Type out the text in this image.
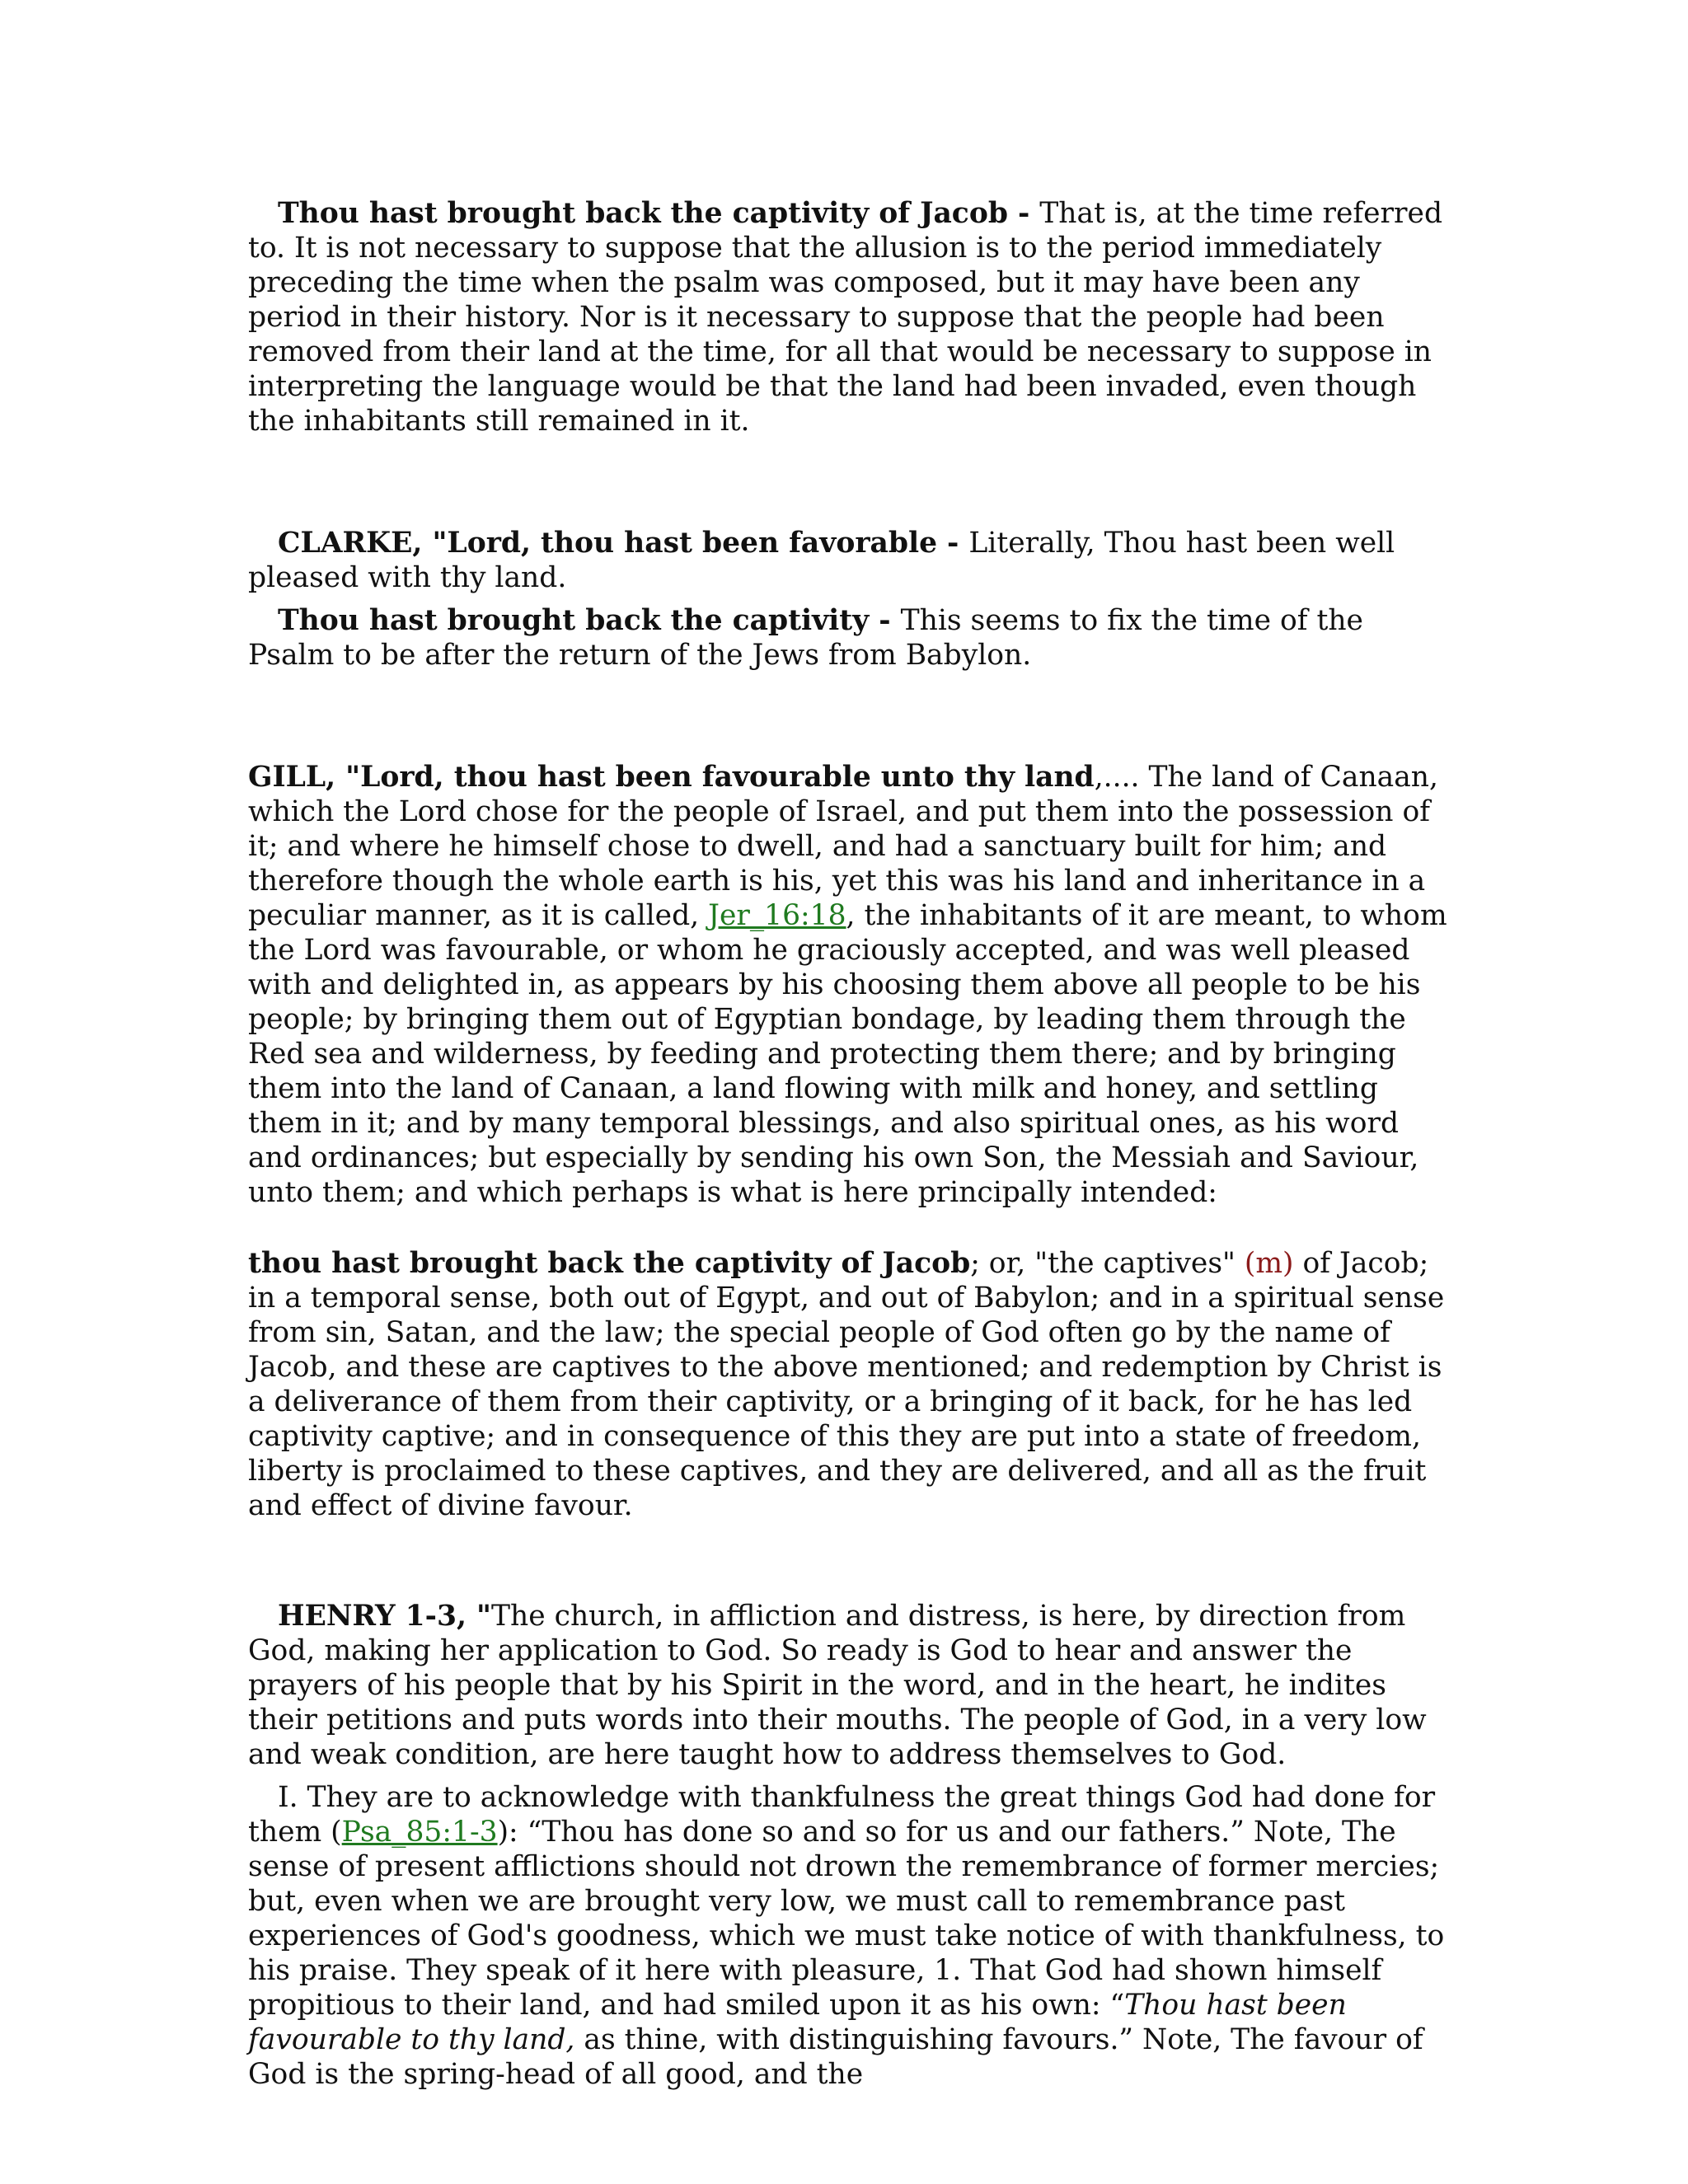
Thou hast brought back the captivity of Jacob - That is, at the time referred to. It is not necessary to suppose that the allusion is to the period immediately preceding the time when the psalm was composed, but it may have been any period in their history. Nor is it necessary to suppose that the people had been removed from their land at the time, for all that would be necessary to suppose in interpreting the language would be that the land had been invaded, even though the inhabitants still remained in it.

CLARKE, "Lord, thou hast been favorable - Literally, Thou hast been well pleased with thy land.

Thou hast brought back the captivity - This seems to fix the time of the Psalm to be after the return of the Jews from Babylon.

GILL, "Lord, thou hast been favourable unto thy land,.... The land of Canaan, which the Lord chose for the people of Israel, and put them into the possession of it; and where he himself chose to dwell, and had a sanctuary built for him; and therefore though the whole earth is his, yet this was his land and inheritance in a peculiar manner, as it is called, Jer_16:18, the inhabitants of it are meant, to whom the Lord was favourable, or whom he graciously accepted, and was well pleased with and delighted in, as appears by his choosing them above all people to be his people; by bringing them out of Egyptian bondage, by leading them through the Red sea and wilderness, by feeding and protecting them there; and by bringing them into the land of Canaan, a land flowing with milk and honey, and settling them in it; and by many temporal blessings, and also spiritual ones, as his word and ordinances; but especially by sending his own Son, the Messiah and Saviour, unto them; and which perhaps is what is here principally intended:

thou hast brought back the captivity of Jacob; or, "the captives" (m) of Jacob; in a temporal sense, both out of Egypt, and out of Babylon; and in a spiritual sense from sin, Satan, and the law; the special people of God often go by the name of Jacob, and these are captives to the above mentioned; and redemption by Christ is a deliverance of them from their captivity, or a bringing of it back, for he has led captivity captive; and in consequence of this they are put into a state of freedom, liberty is proclaimed to these captives, and they are delivered, and all as the fruit and effect of divine favour.

HENRY 1-3, "The church, in affliction and distress, is here, by direction from God, making her application to God. So ready is God to hear and answer the prayers of his people that by his Spirit in the word, and in the heart, he indites their petitions and puts words into their mouths. The people of God, in a very low and weak condition, are here taught how to address themselves to God.

I. They are to acknowledge with thankfulness the great things God had done for them (Psa_85:1-3): “Thou has done so and so for us and our fathers.” Note, The sense of present afflictions should not drown the remembrance of former mercies; but, even when we are brought very low, we must call to remembrance past experiences of God's goodness, which we must take notice of with thankfulness, to his praise. They speak of it here with pleasure, 1. That God had shown himself propitious to their land, and had smiled upon it as his own: “Thou hast been favourable to thy land, as thine, with distinguishing favours.” Note, The favour of God is the spring-head of all good, and the
